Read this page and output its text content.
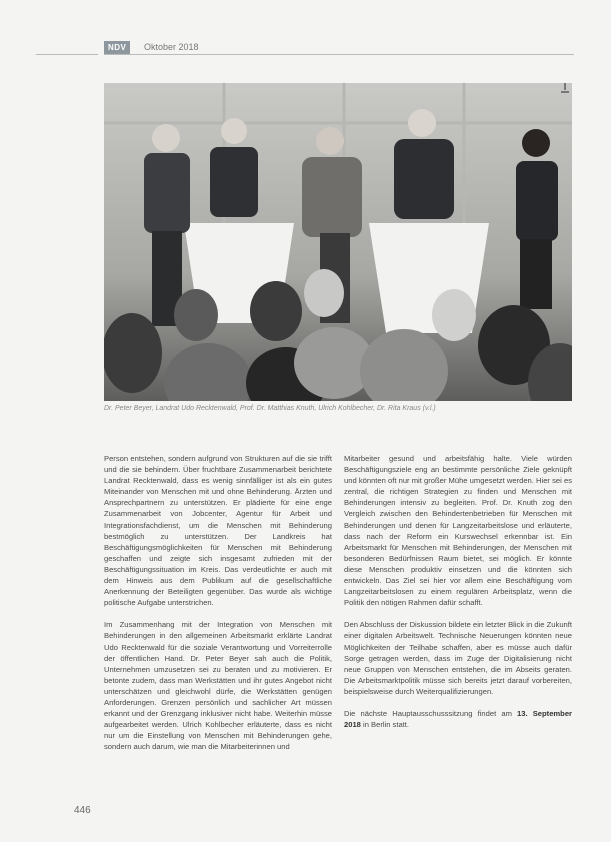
NDV	Oktober 2018
Dr. Peter Beyer, Landrat Udo Recktenwald, Prof. Dr. Matthias Knuth, Ulrich Kohlbecher, Dr. Rita Kraus (v.l.)

Person entstehen, sondern aufgrund von Strukturen auf die sie trifft und die sie behindern. Über fruchtbare Zusammenarbeit berichtete Landrat Recktenwald, dass es wenig sinnfälliger ist als ein gutes Miteinander von Menschen mit und ohne Behinderung. Ärzten und Ansprechpartnern zu unterstützen. Er plädierte für eine enge Zusammenarbeit von Jobcenter, Agentur für Arbeit und Integrationsfachdienst, um die Menschen mit Behinderung bestmöglich zu unterstützen. Der Landkreis hat Beschäftigungsmöglichkeiten für Menschen mit Behinderung geschaffen und zeigte sich insgesamt zufrieden mit der Beschäftigungssituation im Kreis. Das verdeutlichte er auch mit dem Hinweis aus dem Publikum auf die gesellschaftliche Anerkennung der Beteiligten gegenüber. Das wurde als wichtige politische Aufgabe unterstrichen.

Im Zusammenhang mit der Integration von Menschen mit Behinderungen in den allgemeinen Arbeitsmarkt erklärte Landrat Udo Recktenwald für die soziale Verantwortung und Vorreiterrolle der öffentlichen Hand. Dr. Peter Beyer sah auch die Politik, Unternehmen umzusetzen sei zu beraten und zu motivieren. Er betonte zudem, dass man Werkstätten und ihr gutes Angebot nicht unterschätzen und gleichwohl dürfe, die Werkstätten genügen Anforderungen. Grenzen persönlich und sachlicher Art müssen erkannt und der Grenzgang inklusiver nicht habe. Weiterhin müsse aufgearbeitet werden. Ulrich Kohlbecher erläuterte, dass es nicht nur um die Einstellung von Menschen mit Behinderungen gehe, sondern auch darum, wie man die Mitarbeiterinnen und

Mitarbeiter gesund und arbeitsfähig halte. Viele würden Beschäftigungsziele eng an bestimmte persönliche Ziele geknüpft und könnten oft nur mit großer Mühe umgesetzt werden. Hier sei es zentral, die richtigen Strategien zu finden und Menschen mit Behinderungen intensiv zu begleiten. Prof. Dr. Knuth zog den Vergleich zwischen den Behindertenbetrieben für Menschen mit Behinderungen und denen für Langzeitarbeitslose und erläuterte, dass nach der Reform ein Kurswechsel erkennbar ist. Ein Arbeitsmarkt für Menschen mit Behinderungen, der Menschen mit besonderen Bedürfnissen Raum bietet, sei möglich. Er könnte diese Menschen produktiv einsetzen und die könnten sich entwickeln. Das Ziel sei hier vor allem eine Beschäftigung vom Langzeitarbeitslosen zu einem regulären Arbeitsplatz, wenn die Politik den nötigen Rahmen dafür schafft.

Den Abschluss der Diskussion bildete ein letzter Blick in die Zukunft einer digitalen Arbeitswelt. Technische Neuerungen könnten neue Möglichkeiten der Teilhabe schaffen, aber es müsse auch dafür Sorge getragen werden, dass im Zuge der Digitalisierung nicht neue Gruppen von Menschen entstehen, die im Abseits geraten. Die Arbeitsmarktpolitik müsse sich bereits jetzt darauf vorbereiten, beispielsweise durch Weiterqualifizierungen.

Die nächste Hauptausschusssitzung findet am 13. September 2018 in Berlin statt.

446
